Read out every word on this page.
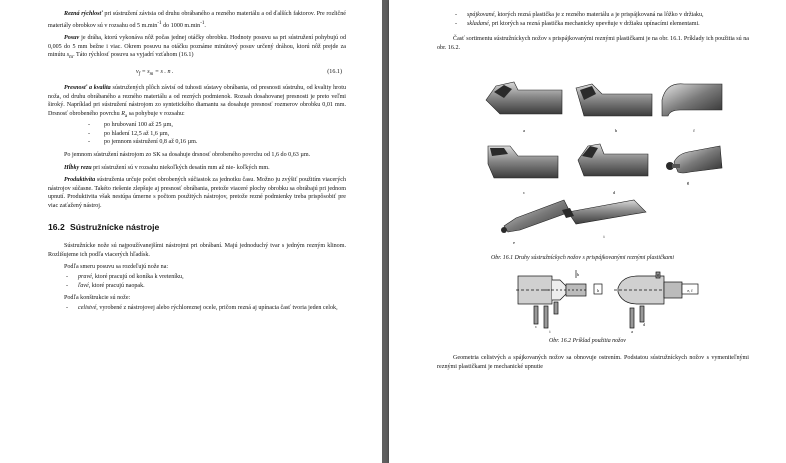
Rezná rýchlosť pri sústružení závisia od druhu obrábaného a rezného materiálu a od ďalších faktorov. Pre rozličné materiály obrobkov sú v rozsahu od 5 $m.\min^{-1}$ do 1000 $m.\min^{-1}$.

Posuv je dráha, ktorú vykonáva nôž počas jednej otáčky obrobku. Hodnoty posuvu sa pri sústružení pohybujú od 0,005 do 5 mm bežne i viac. Okrem posuvu na otáčku poznáme minútový posuv určený dráhou, ktorú nôž prejde za minútu $s_m$. Táto rýchlosť posuvu sa vyjadrí vzťahom (16.1)

$v_f = s_m = s$ . n .	(16.1)

Presnosť a kvalita sústružených plôch závisí od tuhosti sústavy obrábania, od presnosti sústruhu, od kvality hrotu noža, od druhu obrábaného a rezného materiálu a od rezných podmienok. Rozsah dosahovanej presnosti je preto veľmi široký. Napríklad pri sústružení nástrojom zo syntetického diamantu sa dosahuje presnosť rozmerov obrobku 0,01 mm. Drsnosť obrobeného povrchu $R_a$ sa pohybuje v rozsahu:

- po hrubovaní 100 až 25 µm,
- po hladení 12,5 až 1,6 µm,
- po jemnom sústružení 0,8 až 0,16 µm.

Po jemnom sústružení nástrojom zo SK sa dosahuje drsnosť obrobeného povrchu od 1,6 do 0,63 µm.

Hĺbky rezu pri sústružení sú v rozsahu niekoľkých desatín mm až nie- koľkých mm.

Produktivita sústruženia určuje počet obrobených súčiastok za jednotku času. Možno ju zvýšiť použitím viacerých nástrojov súčasne. Takéto riešenie zlepšuje aj presnosť obrábania, pretože viaceré plochy obrobku sa obrábajú pri jednom upnutí. Produktivita však nestúpa úmerne s počtom použitých nástrojov, pretože rezné podmienky treba prispôsobiť pre viac zaťažený nástroj.

16.2 Sústružnícke nástroje

Sústružnícke nože sú najpoužívanejšími nástrojmi pri obrábaní. Majú jednoduchý tvar s jedným rezným klinom. Rozlišujeme ich podľa viacerých hľadísk.

Podľa smeru posuvu sa rozdeľujú nože na:

- pravé, ktoré pracujú od koníka k vreteníku,
- ľavé, ktoré pracujú naopak.

Podľa konštrukcie sú nože:

- celistvé, vyrobené z nástrojovej alebo rýchloreznej ocele, pričom rezná aj upínacia časť tvoria jeden celok,
- spájkované, ktorých rezná plastička je z rezného materiálu a je prispájkovaná na lôžko v držiaku,
- skladané, pri ktorých sa rezná plastička mechanicky upevňuje v držiaku upínacími elementami.

Časť sortimentu sústružníckych nožov s prispájkovanými reznými plastičkami je na obr. 16.1. Príklady ich použitia sú na obr. 16.2.

a	b	f
c	d
g
e
i
Obr. 16.1 Druhy sústružníckych nožov s prispájkovanými reznými plastičkami
h	e, f
b	g
i
c
a
d
Obr. 16.2 Príklad použitia nožov

Geometria celistvých a spájkovaných nožov sa obnovuje ostrením. Podstatou sústružníckych nožov s vymeniteľnými reznými plastičkami je mechanické upnutie
